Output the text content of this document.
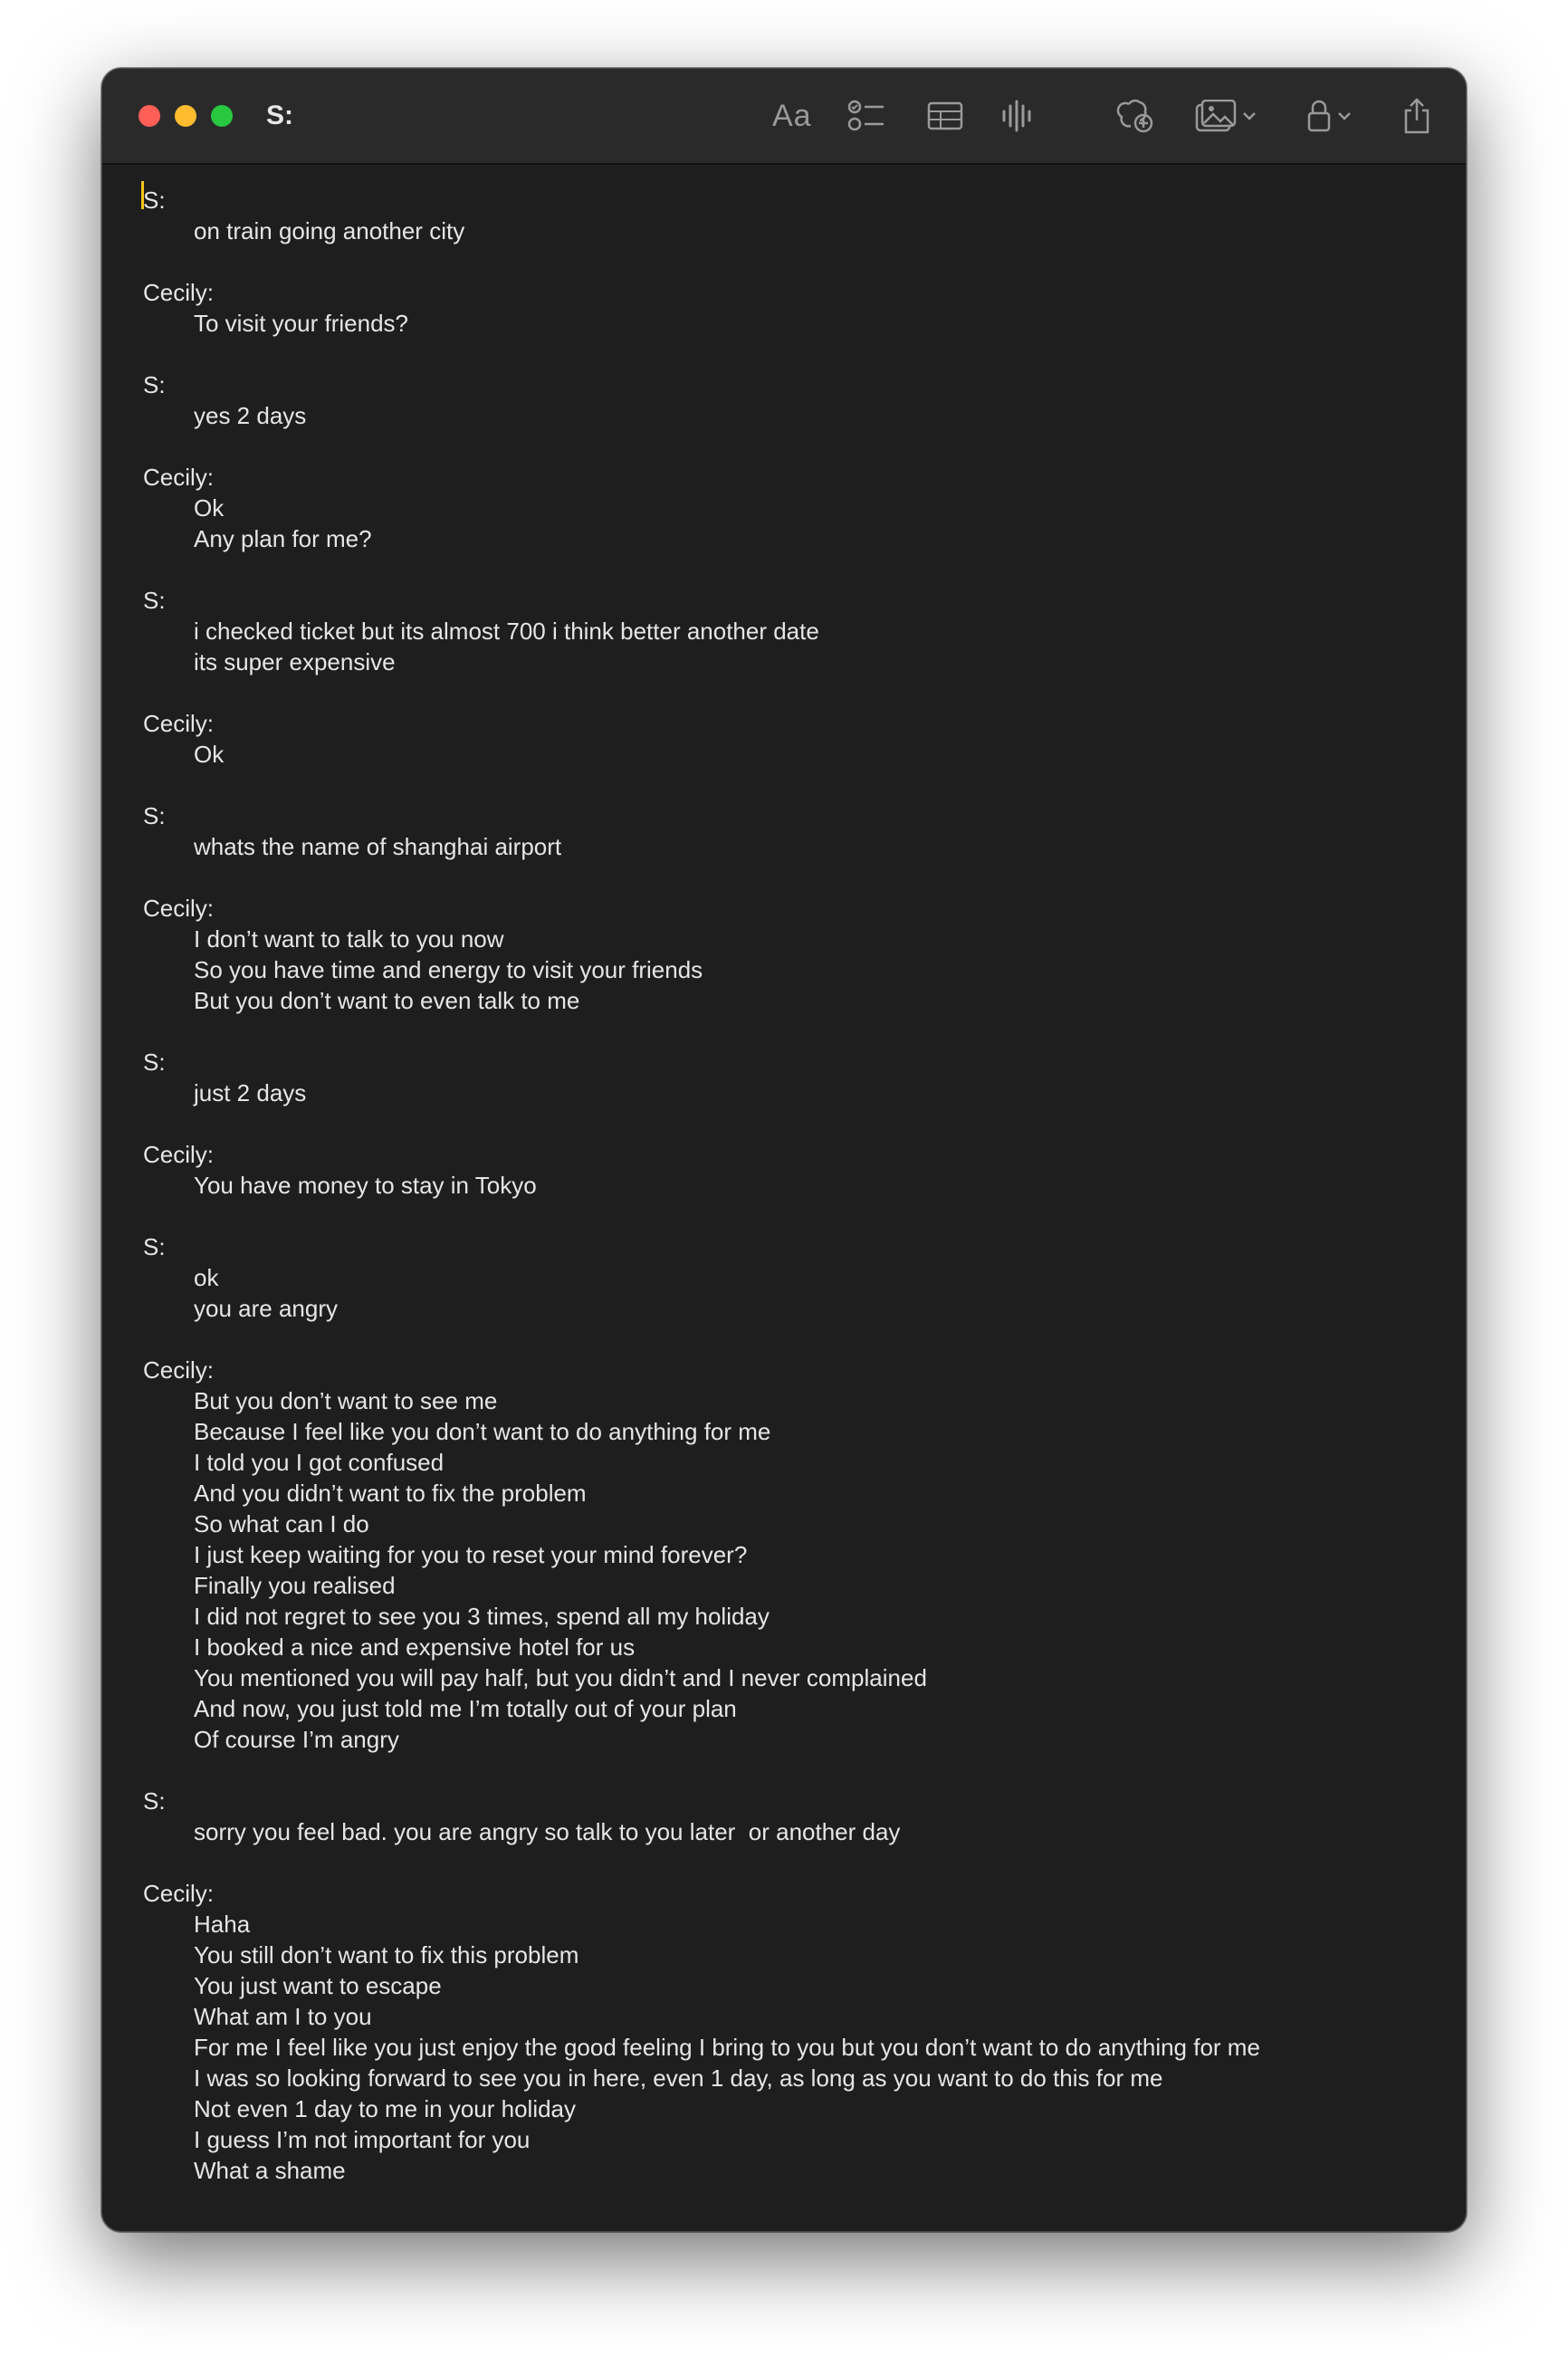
S:	Aa
S:
on train going another city
Cecily:
To visit your friends?
S:
yes 2 days
Cecily:
Ok
Any plan for me?
S:
i checked ticket but its almost 700 i think better another date
its super expensive
Cecily:
Ok
S:
whats the name of shanghai airport
Cecily:
I don’t want to talk to you now
So you have time and energy to visit your friends
But you don’t want to even talk to me
S:
just 2 days
Cecily:
You have money to stay in Tokyo
S:
ok
you are angry
Cecily:
But you don’t want to see me
Because I feel like you don’t want to do anything for me
I told you I got confused
And you didn’t want to fix the problem
So what can I do
I just keep waiting for you to reset your mind forever?
Finally you realised
I did not regret to see you 3 times, spend all my holiday
I booked a nice and expensive hotel for us
You mentioned you will pay half, but you didn’t and I never complained
And now, you just told me I’m totally out of your plan
Of course I’m angry
S:
sorry you feel bad. you are angry so talk to you later  or another day
Cecily:
Haha
You still don’t want to fix this problem
You just want to escape
What am I to you
For me I feel like you just enjoy the good feeling I bring to you but you don’t want to do anything for me
I was so looking forward to see you in here, even 1 day, as long as you want to do this for me
Not even 1 day to me in your holiday
I guess I’m not important for you
What a shame
